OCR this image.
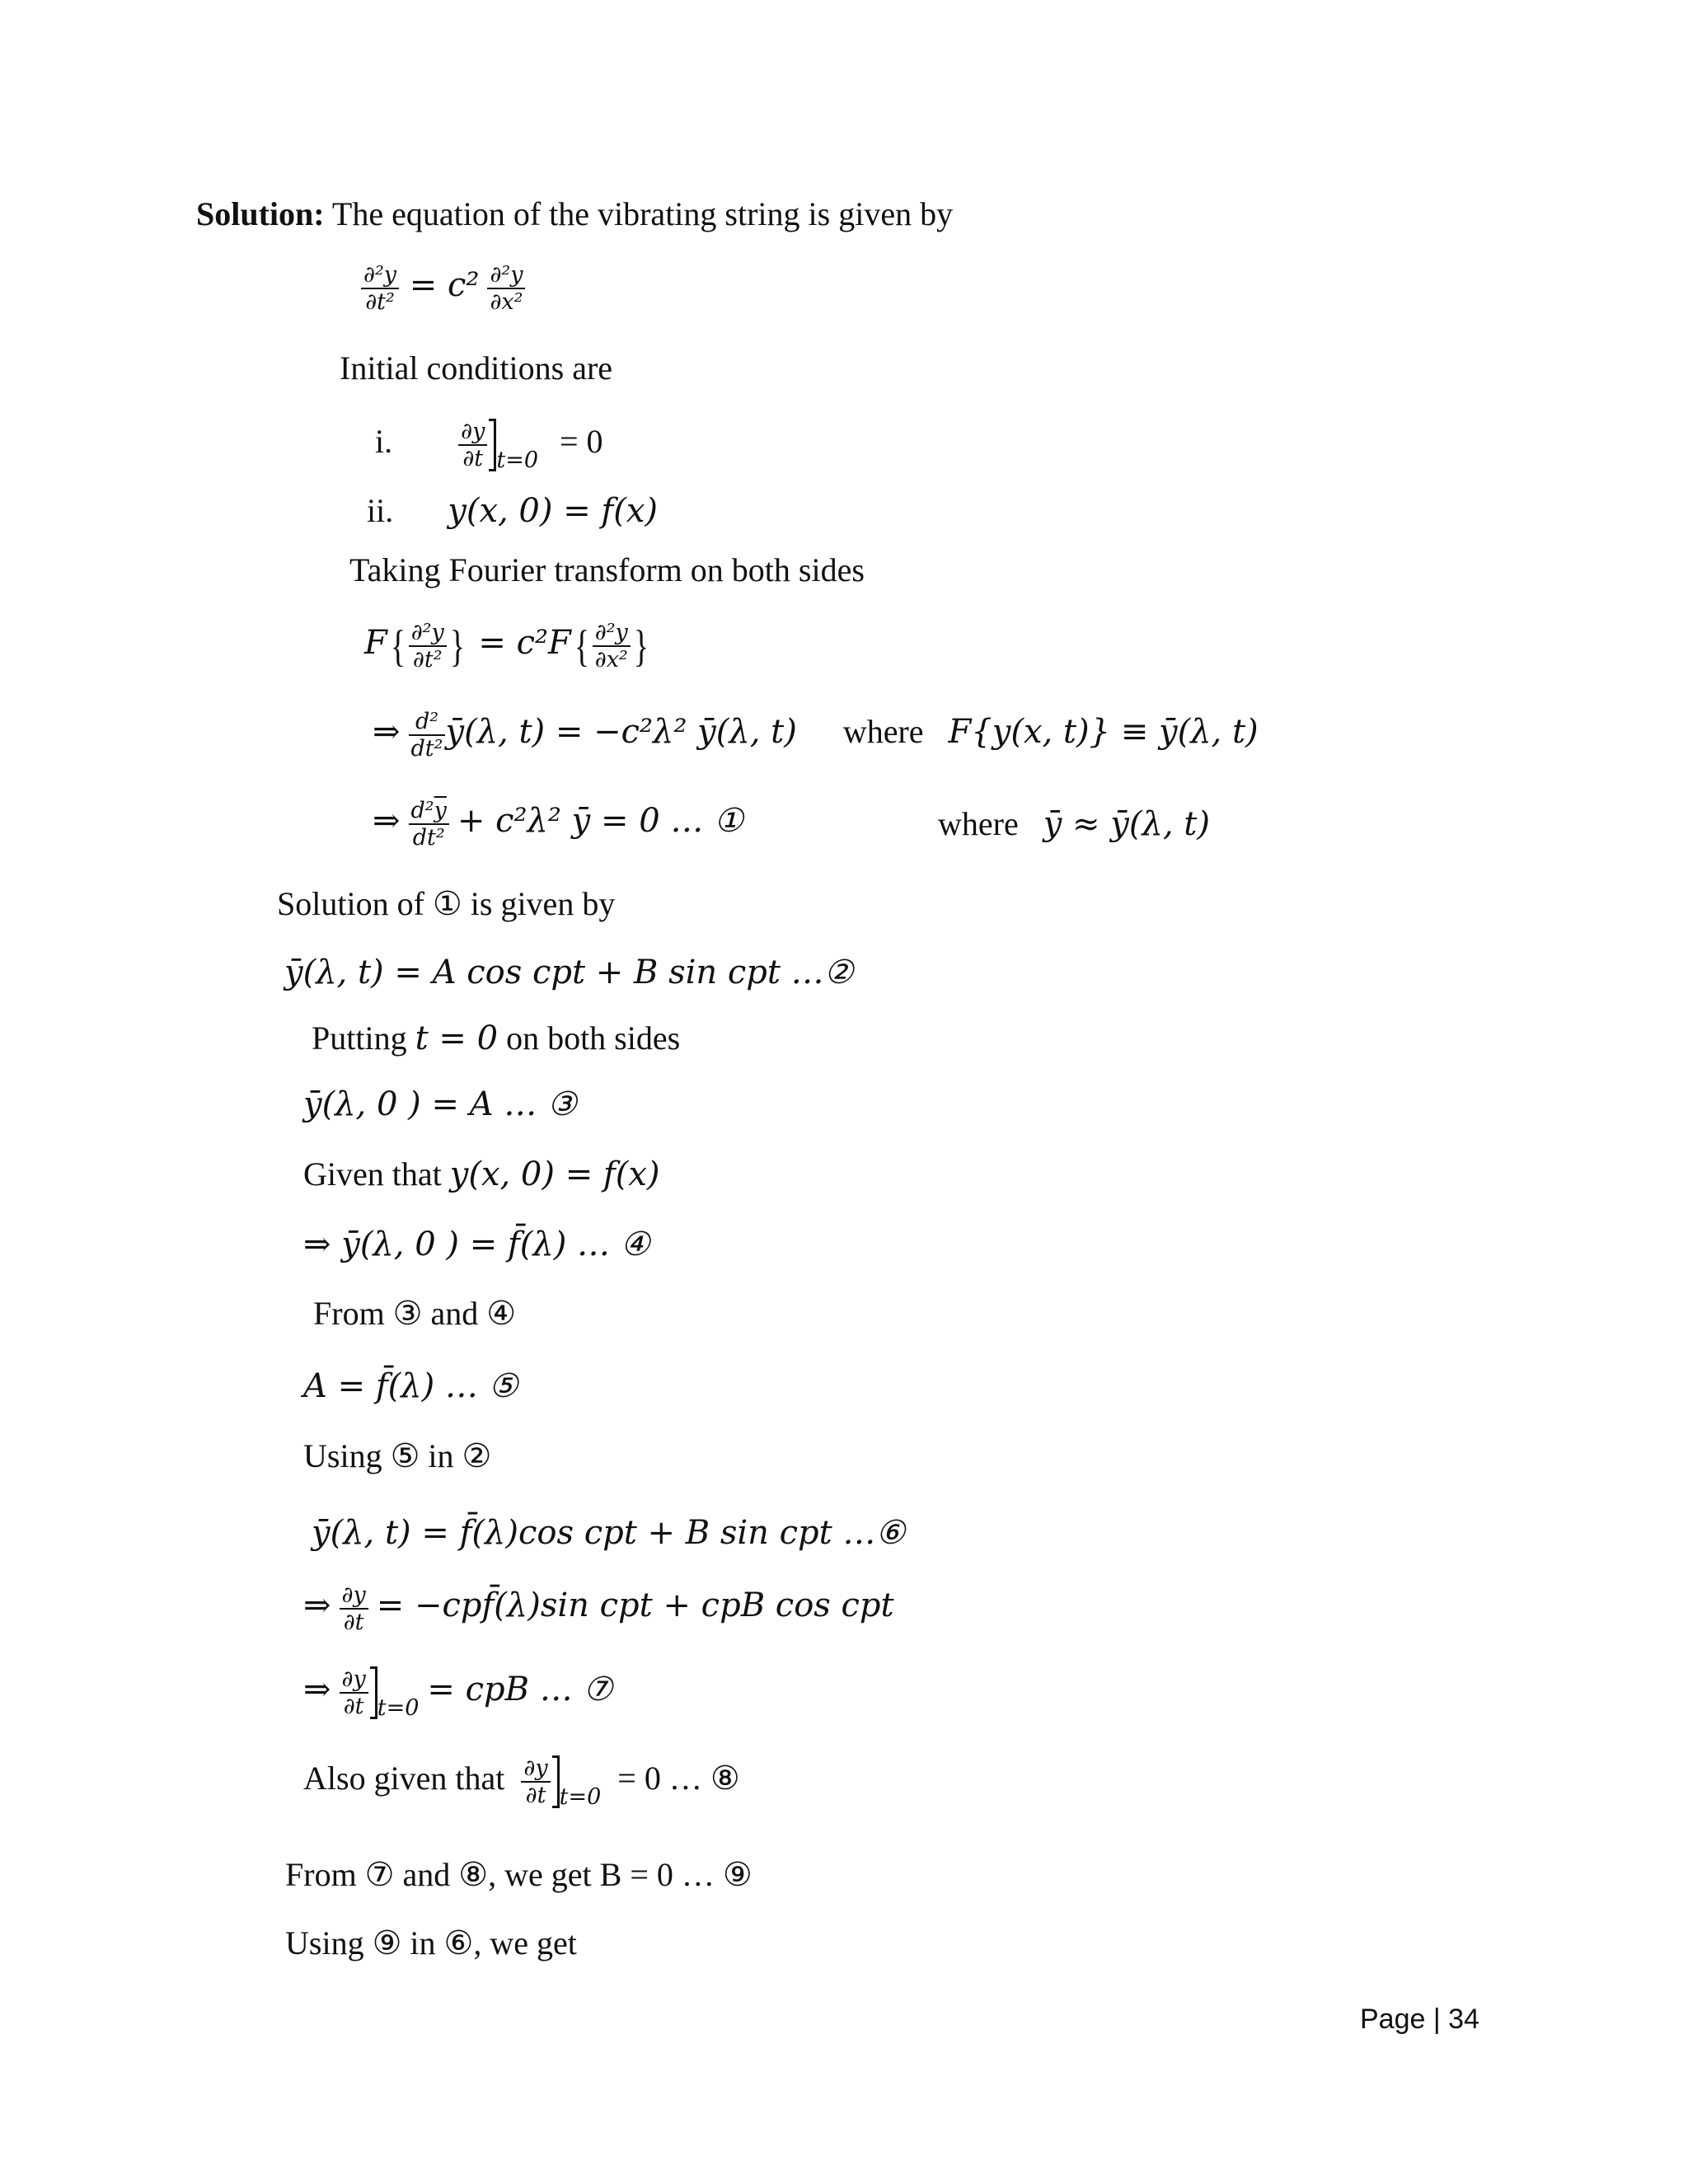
Solution: The equation of the vibrating string is given by
$\frac{\text{∂²y}}{\text{∂t²}} = c^2 \frac{\text{∂²y}}{\text{∂x²}}$
Initial conditions are
i.	$\frac{\partial y}{\partial t} _{t=0} = 0$
ii. y(x, 0) = f(x)
Taking Fourier transform on both sides
$F\{ \frac{\text{∂²y}}{\text{∂t²}}$ } = $c^2F\{ \frac{\text{∂²y}}{\text{∂x²}}$ }
⇒ $\frac{\text{d²}}{\text{dt²}}$ ȳ(λ, t) = −c²λ² ȳ(λ, t) where F{y(x, t)} ≡ ȳ(λ, t)
⇒ $\frac{d^2\overline{y}}{\text{dt²}} + c^2\lambda^2$ ȳ = 0 … ①	where ȳ ≈ ȳ(λ, t)
Solution of ① is given by
ȳ(λ, t) = A cos cpt + B sin cpt …②
Putting t = 0 on both sides
ȳ(λ, 0 ) = A … ③
Given that y(x, 0) = f(x)
⇒ ȳ(λ, 0 ) = f̄(λ) … ④
From ③ and ④
A = f̄(λ) … ⑤
Using ⑤ in ②
ȳ(λ, t) = f̄(λ)cos cpt + B sin cpt …⑥
⇒ $\frac{\partial y}{\partial t}$ = −cpf̄(λ)sin cpt + cpB cos cpt
⇒ $\frac{\partial y}{\partial t} _{t=0}$ = cpB … ⑦
Also given that $\frac{\partial y}{\partial t} _{t=0} = 0$ … ⑧
From ⑦ and ⑧, we get B = 0 … ⑨
Using ⑨ in ⑥, we get
Page | 34
